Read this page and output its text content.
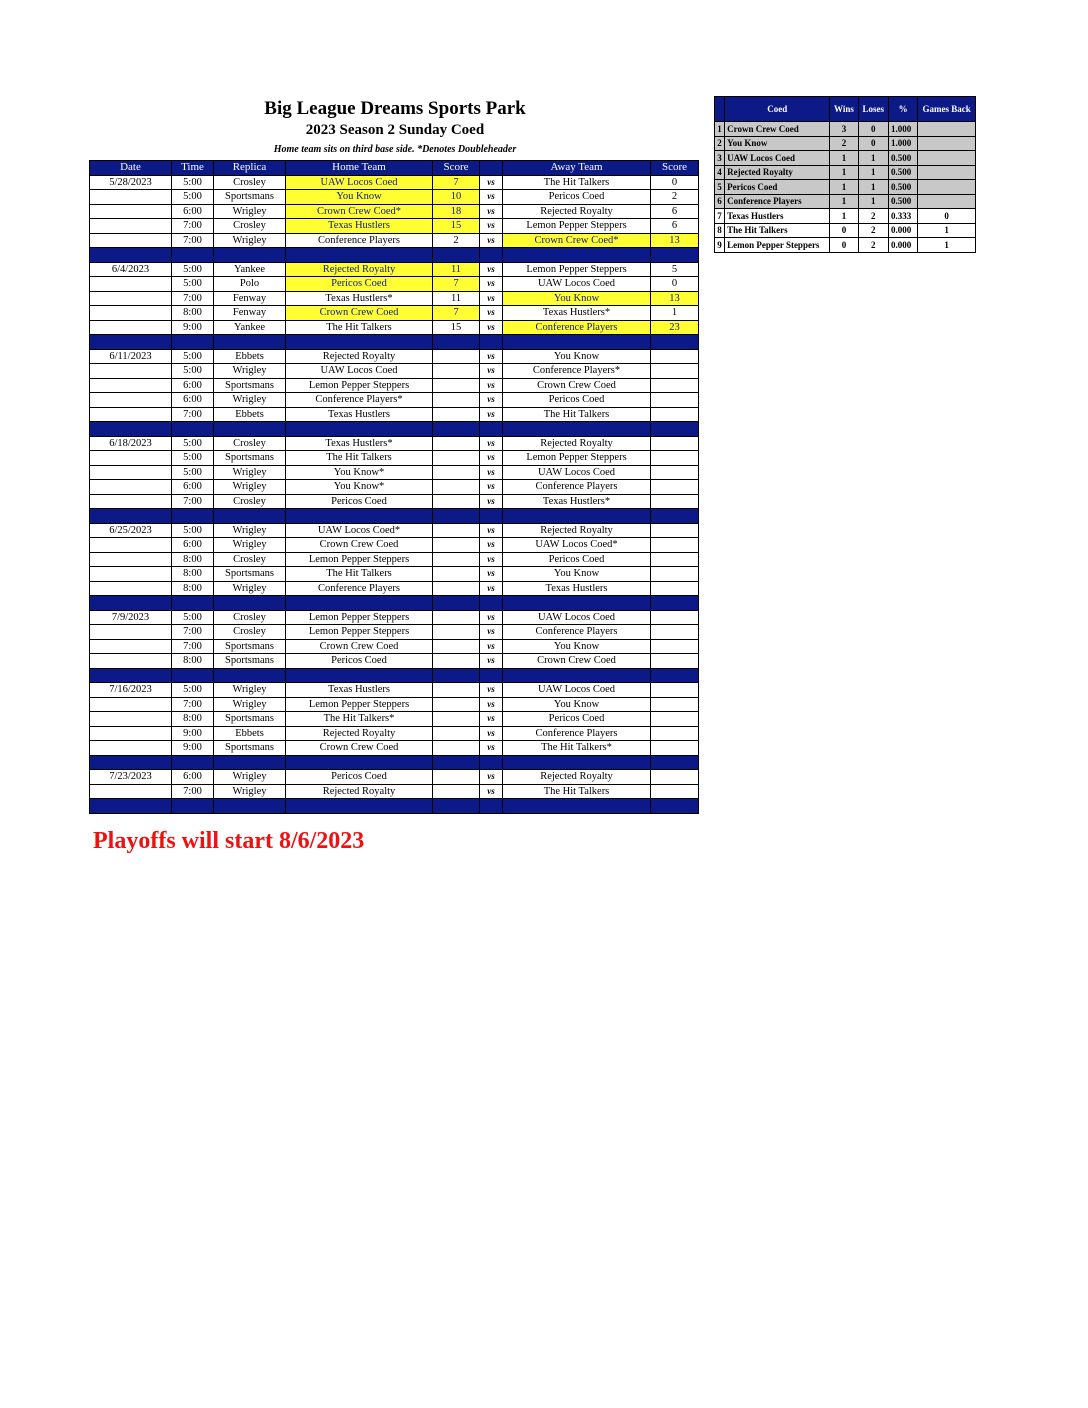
Big League Dreams Sports Park
2023 Season 2 Sunday Coed
Home team sits on third base side. *Denotes Doubleheader
Date	Time	Replica	Home Team	Score		Away Team	Score
5/28/2023	5:00	Crosley	UAW Locos Coed	7	vs	The Hit Talkers	0
	5:00	Sportsmans	You Know	10	vs	Pericos Coed	2
	6:00	Wrigley	Crown Crew Coed*	18	vs	Rejected Royalty	6
	7:00	Crosley	Texas Hustlers	15	vs	Lemon Pepper Steppers	6
	7:00	Wrigley	Conference Players	2	vs	Crown Crew Coed*	13

6/4/2023	5:00	Yankee	Rejected Royalty	11	vs	Lemon Pepper Steppers	5
	5:00	Polo	Pericos Coed	7	vs	UAW Locos Coed	0
	7:00	Fenway	Texas Hustlers*	11	vs	You Know	13
	8:00	Fenway	Crown Crew Coed	7	vs	Texas Hustlers*	1
	9:00	Yankee	The Hit Talkers	15	vs	Conference Players	23

6/11/2023	5:00	Ebbets	Rejected Royalty		vs	You Know	
	5:00	Wrigley	UAW Locos Coed		vs	Conference Players*	
	6:00	Sportsmans	Lemon Pepper Steppers		vs	Crown Crew Coed	
	6:00	Wrigley	Conference Players*		vs	Pericos Coed	
	7:00	Ebbets	Texas Hustlers		vs	The Hit Talkers	

6/18/2023	5:00	Crosley	Texas Hustlers*		vs	Rejected Royalty	
	5:00	Sportsmans	The Hit Talkers		vs	Lemon Pepper Steppers	
	5:00	Wrigley	You Know*		vs	UAW Locos Coed	
	6:00	Wrigley	You Know*		vs	Conference Players	
	7:00	Crosley	Pericos Coed		vs	Texas Hustlers*	

6/25/2023	5:00	Wrigley	UAW Locos Coed*		vs	Rejected Royalty	
	6:00	Wrigley	Crown Crew Coed		vs	UAW Locos Coed*	
	8:00	Crosley	Lemon Pepper Steppers		vs	Pericos Coed	
	8:00	Sportsmans	The Hit Talkers		vs	You Know	
	8:00	Wrigley	Conference Players		vs	Texas Hustlers	

7/9/2023	5:00	Crosley	Lemon Pepper Steppers		vs	UAW Locos Coed	
	7:00	Crosley	Lemon Pepper Steppers		vs	Conference Players	
	7:00	Sportsmans	Crown Crew Coed		vs	You Know	
	8:00	Sportsmans	Pericos Coed		vs	Crown Crew Coed	

7/16/2023	5:00	Wrigley	Texas Hustlers		vs	UAW Locos Coed	
	7:00	Wrigley	Lemon Pepper Steppers		vs	You Know	
	8:00	Sportsmans	The Hit Talkers*		vs	Pericos Coed	
	9:00	Ebbets	Rejected Royalty		vs	Conference Players	
	9:00	Sportsmans	Crown Crew Coed		vs	The Hit Talkers*	

7/23/2023	6:00	Wrigley	Pericos Coed		vs	Rejected Royalty	
	7:00	Wrigley	Rejected Royalty		vs	The Hit Talkers	

	Coed	Wins	Loses	%	Games Back
1	Crown Crew Coed	3	0	1.000	
2	You Know	2	0	1.000	
3	UAW Locos Coed	1	1	0.500	
4	Rejected Royalty	1	1	0.500	
5	Pericos Coed	1	1	0.500	
6	Conference Players	1	1	0.500	
7	Texas Hustlers	1	2	0.333	0
8	The Hit Talkers	0	2	0.000	1
9	Lemon Pepper Steppers	0	2	0.000	1
Playoffs will start 8/6/2023
